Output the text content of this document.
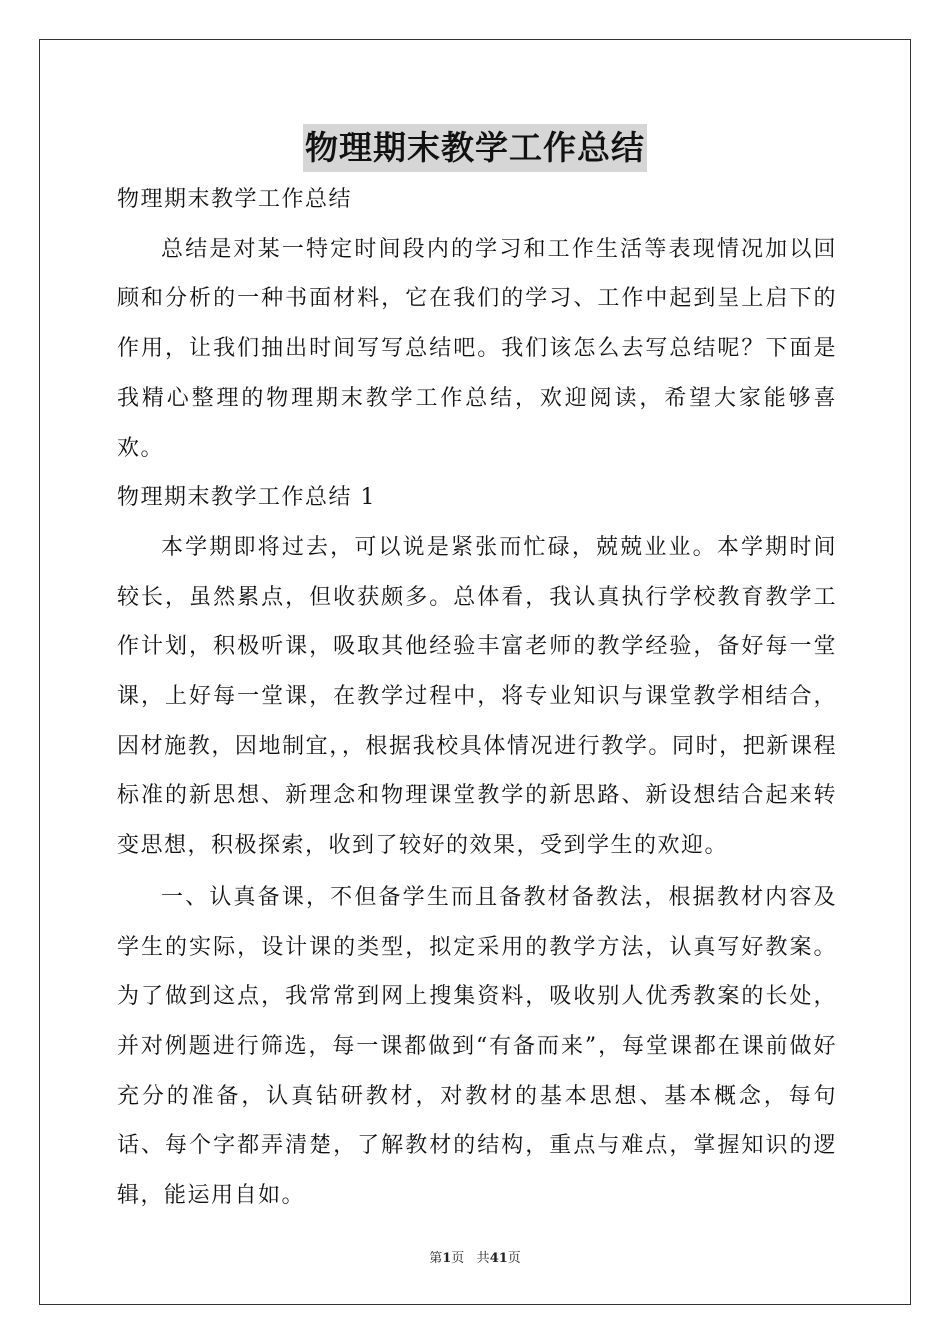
物理期末教学工作总结

物理期末教学工作总结

总结是对某一特定时间段内的学习和工作生活等表现情况加以回顾和分析的一种书面材料，它在我们的学习、工作中起到呈上启下的作用，让我们抽出时间写写总结吧。我们该怎么去写总结呢？下面是我精心整理的物理期末教学工作总结，欢迎阅读，希望大家能够喜欢。

物理期末教学工作总结 1

本学期即将过去，可以说是紧张而忙碌，兢兢业业。本学期时间较长，虽然累点，但收获颇多。总体看，我认真执行学校教育教学工作计划，积极听课，吸取其他经验丰富老师的教学经验，备好每一堂课，上好每一堂课，在教学过程中，将专业知识与课堂教学相结合，因材施教，因地制宜，，根据我校具体情况进行教学。同时，把新课程标准的新思想、新理念和物理课堂教学的新思路、新设想结合起来转变思想，积极探索，收到了较好的效果，受到学生的欢迎。

一、认真备课，不但备学生而且备教材备教法，根据教材内容及学生的实际，设计课的类型，拟定采用的教学方法，认真写好教案。为了做到这点，我常常到网上搜集资料，吸收别人优秀教案的长处，并对例题进行筛选，每一课都做到“有备而来”，每堂课都在课前做好充分的准备，认真钻研教材，对教材的基本思想、基本概念，每句话、每个字都弄清楚，了解教材的结构，重点与难点，掌握知识的逻辑，能运用自如。

第1页 共41页
